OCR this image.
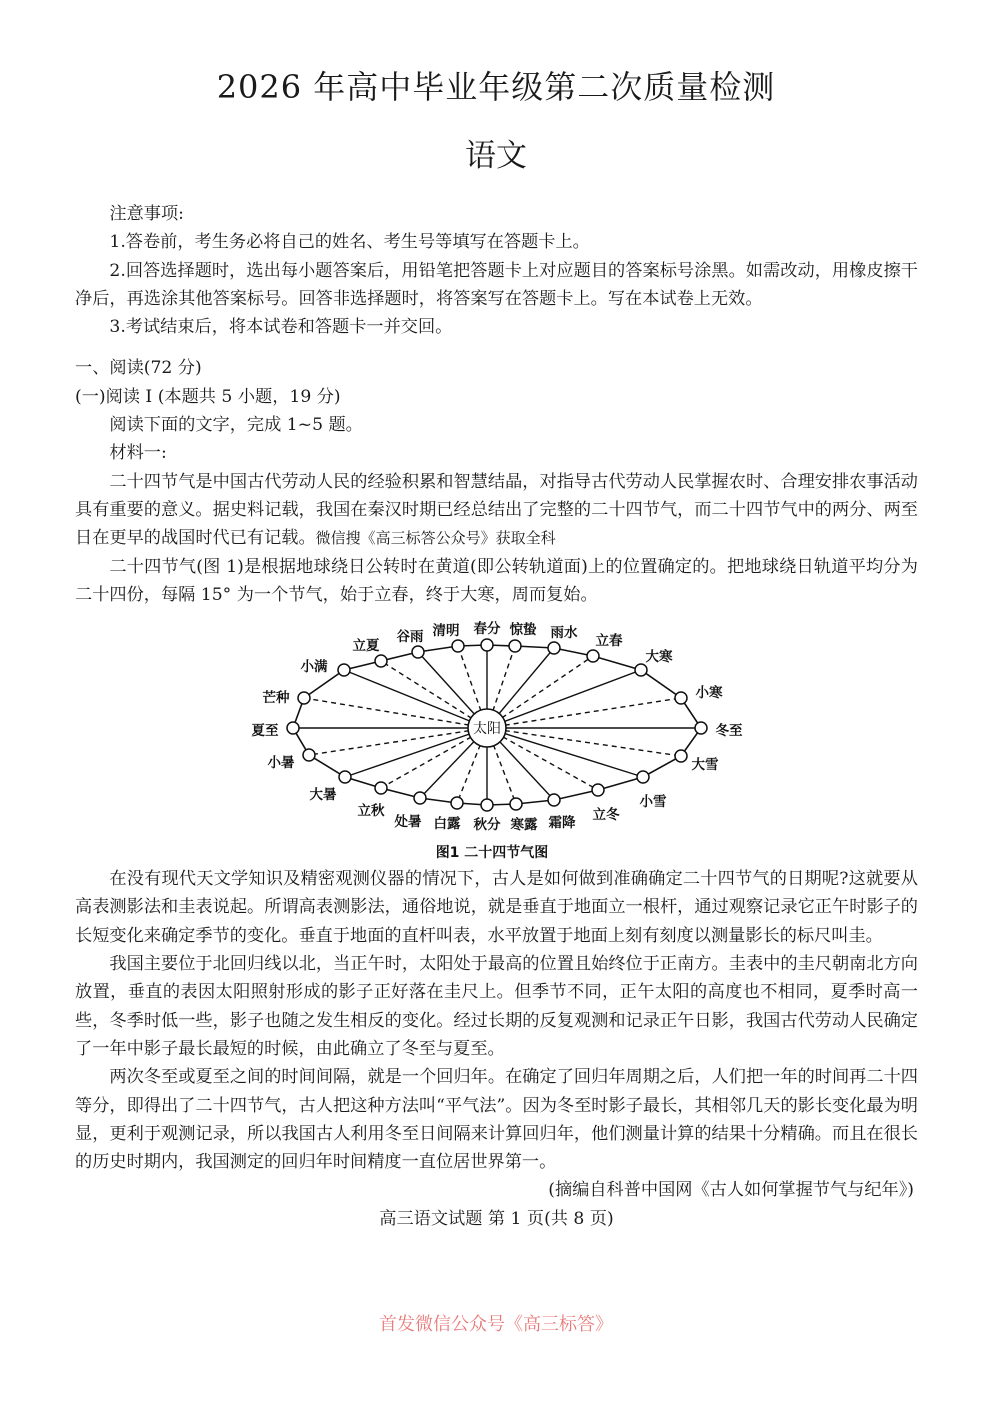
2026 年高中毕业年级第二次质量检测
语文

注意事项:

1.答卷前，考生务必将自己的姓名、考生号等填写在答题卡上。

2.回答选择题时，选出每小题答案后，用铅笔把答题卡上对应题目的答案标号涂黑。如需改动，用橡皮擦干净后，再选涂其他答案标号。回答非选择题时，将答案写在答题卡上。写在本试卷上无效。

3.考试结束后，将本试卷和答题卡一并交回。

一、阅读(72 分)

(一)阅读 I (本题共 5 小题，19 分)

阅读下面的文字，完成 1~5 题。

材料一:

二十四节气是中国古代劳动人民的经验积累和智慧结晶，对指导古代劳动人民掌握农时、合理安排农事活动具有重要的意义。据史料记载，我国在秦汉时期已经总结出了完整的二十四节气，而二十四节气中的两分、两至日在更早的战国时代已有记载。微信搜《高三标答公众号》获取全科

二十四节气(图 1)是根据地球绕日公转时在黄道(即公转轨道面)上的位置确定的。把地球绕日轨道平均分为二十四份，每隔 15° 为一个节气，始于立春，终于大寒，周而复始。

夏至
芒种
小满
立夏
谷雨 清明 春分 惊蛰 雨水 立春
大寒
小寒
冬至
大雪
小雪
立冬
霜降
寒露
秋分
白露
处暑
立秋
大暑
小暑
太阳
图1 二十四节气图

在没有现代天文学知识及精密观测仪器的情况下，古人是如何做到准确确定二十四节气的日期呢?这就要从高表测影法和圭表说起。所谓高表测影法，通俗地说，就是垂直于地面立一根杆，通过观察记录它正午时影子的长短变化来确定季节的变化。垂直于地面的直杆叫表，水平放置于地面上刻有刻度以测量影长的标尺叫圭。

我国主要位于北回归线以北，当正午时，太阳处于最高的位置且始终位于正南方。圭表中的圭尺朝南北方向放置，垂直的表因太阳照射形成的影子正好落在圭尺上。但季节不同，正午太阳的高度也不相同，夏季时高一些，冬季时低一些，影子也随之发生相反的变化。经过长期的反复观测和记录正午日影，我国古代劳动人民确定了一年中影子最长最短的时候，由此确立了冬至与夏至。

两次冬至或夏至之间的时间间隔，就是一个回归年。在确定了回归年周期之后，人们把一年的时间再二十四等分，即得出了二十四节气，古人把这种方法叫“平气法”。因为冬至时影子最长，其相邻几天的影长变化最为明显，更利于观测记录，所以我国古人利用冬至日间隔来计算回归年，他们测量计算的结果十分精确。而且在很长的历史时期内，我国测定的回归年时间精度一直位居世界第一。

(摘编自科普中国网《古人如何掌握节气与纪年》)

高三语文试题 第 1 页(共 8 页)

首发微信公众号《高三标答》
